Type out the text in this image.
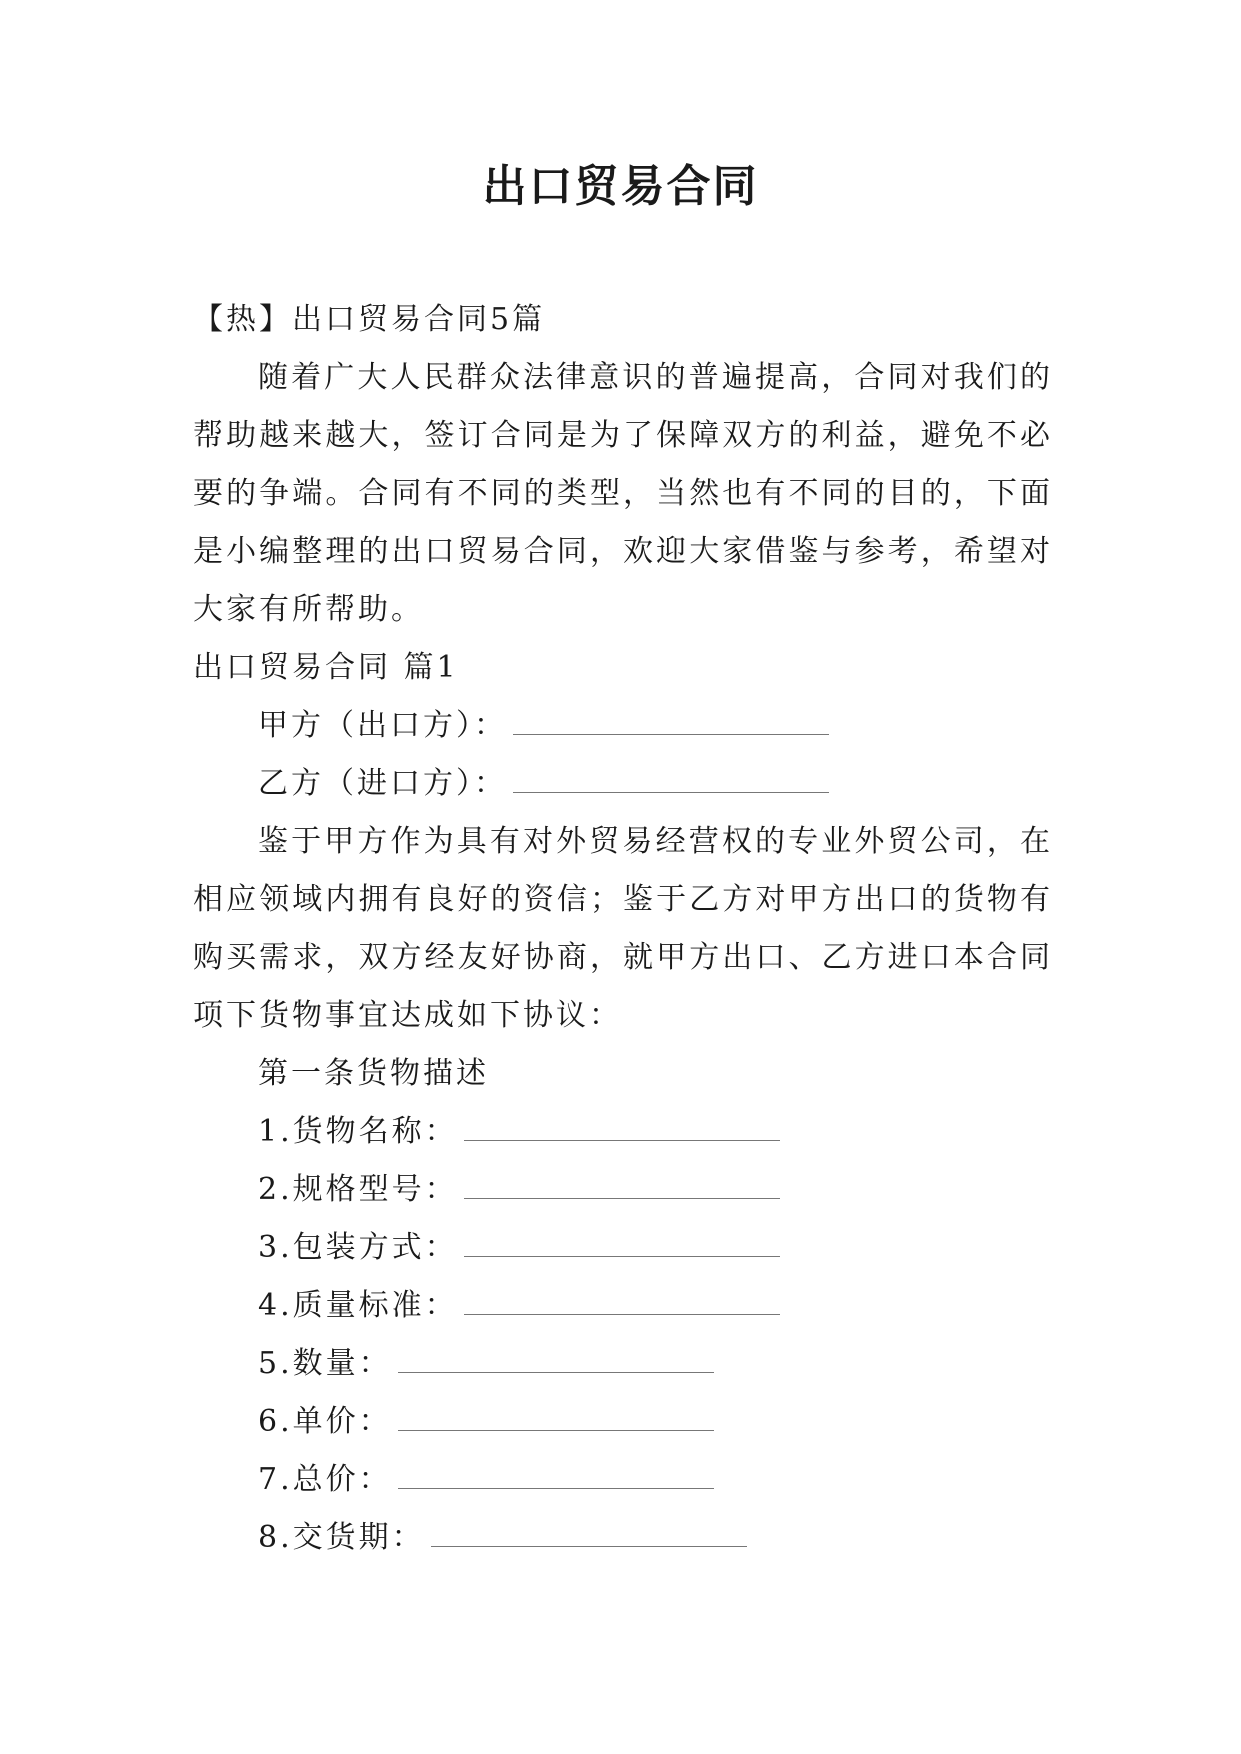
出口贸易合同

【热】出口贸易合同5篇

随着广大人民群众法律意识的普遍提高，合同对我们的帮助越来越大，签订合同是为了保障双方的利益，避免不必要的争端。合同有不同的类型，当然也有不同的目的，下面是小编整理的出口贸易合同，欢迎大家借鉴与参考，希望对大家有所帮助。

出口贸易合同 篇1

甲方（出口方）：

乙方（进口方）：

鉴于甲方作为具有对外贸易经营权的专业外贸公司，在相应领域内拥有良好的资信；鉴于乙方对甲方出口的货物有购买需求，双方经友好协商，就甲方出口、乙方进口本合同项下货物事宜达成如下协议：

第一条货物描述

1.货物名称：

2.规格型号：

3.包装方式：

4.质量标准：

5.数量：

6.单价：

7.总价：

8.交货期：
